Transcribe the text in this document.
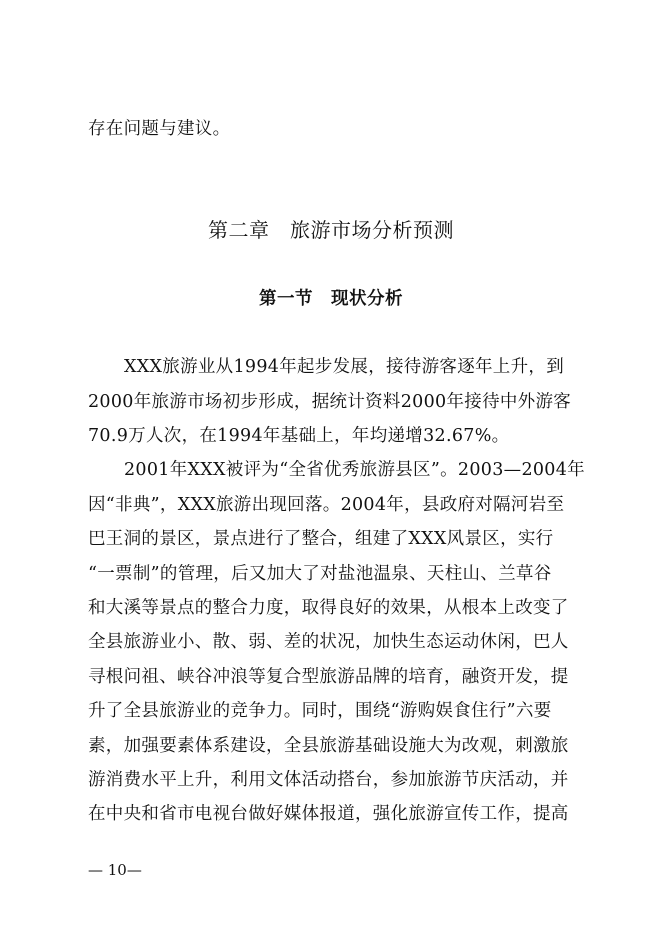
存在问题与建议。
第二章　旅游市场分析预测
第一节　现状分析
XXX旅游业从1994年起步发展，接待游客逐年上升，到
2000年旅游市场初步形成，据统计资料2000年接待中外游客
70.9万人次，在1994年基础上，年均递增32.67%。
2001年XXX被评为“全省优秀旅游县区”。2003—2004年
因“非典”，XXX旅游出现回落。2004年，县政府对隔河岩至
巴王洞的景区，景点进行了整合，组建了XXX风景区，实行
“一票制”的管理，后又加大了对盐池温泉、天柱山、兰草谷
和大溪等景点的整合力度，取得良好的效果，从根本上改变了
全县旅游业小、散、弱、差的状况，加快生态运动休闲，巴人
寻根问祖、峡谷冲浪等复合型旅游品牌的培育，融资开发，提
升了全县旅游业的竞争力。同时，围绕“游购娱食住行”六要
素，加强要素体系建设，全县旅游基础设施大为改观，刺激旅
游消费水平上升，利用文体活动搭台，参加旅游节庆活动，并
在中央和省市电视台做好媒体报道，强化旅游宣传工作，提高
— 10—
